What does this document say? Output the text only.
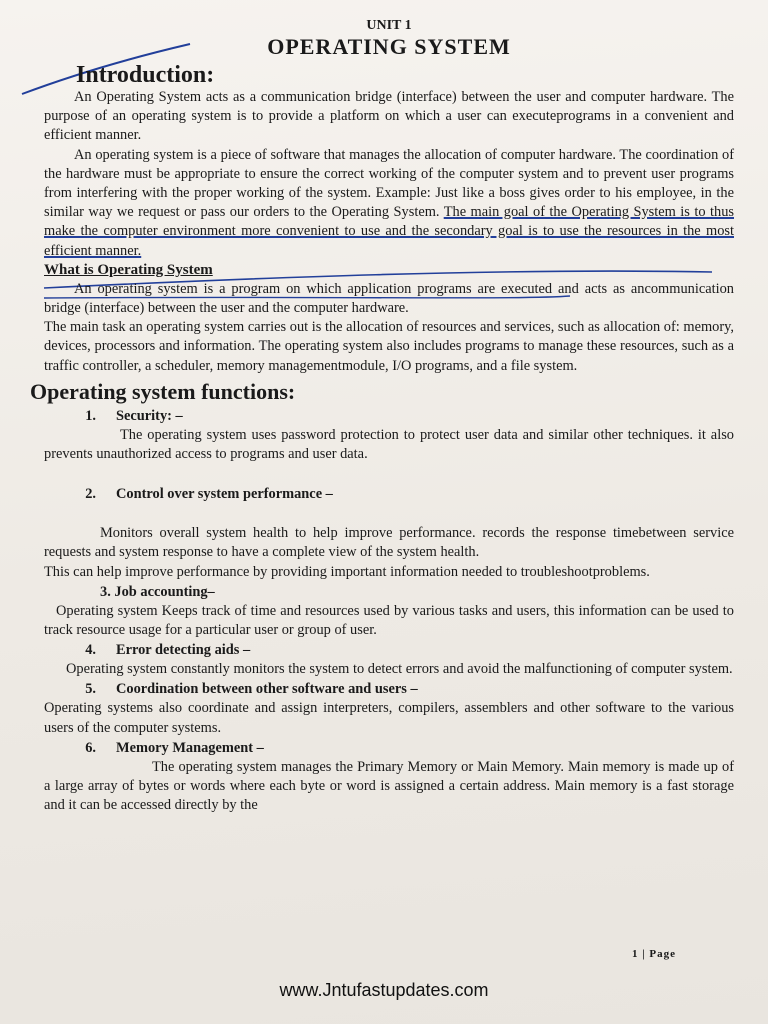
UNIT 1
OPERATING SYSTEM
Introduction:

An Operating System acts as a communication bridge (interface) between the user and computer hardware. The purpose of an operating system is to provide a platform on which a user can executeprograms in a convenient and efficient manner.

An operating system is a piece of software that manages the allocation of computer hardware. The coordination of the hardware must be appropriate to ensure the correct working of the computer system and to prevent user programs from interfering with the proper working of the system. Example: Just like a boss gives order to his employee, in the similar way we request or pass our orders to the Operating System. The main goal of the Operating System is to thus make the computer environment more convenient to use and the secondary goal is to use the resources in the most efficient manner.

What is Operating System

An operating system is a program on which application programs are executed and acts as ancommunication bridge (interface) between the user and the computer hardware.

The main task an operating system carries out is the allocation of resources and services, such as allocation of: memory, devices, processors and information. The operating system also includes programs to manage these resources, such as a traffic controller, a scheduler, memory managementmodule, I/O programs, and a file system.

Operating system functions:
1. Security: –

The operating system uses password protection to protect user data and similar other techniques. it also prevents unauthorized access to programs and user data.

2. Control over system performance –

Monitors overall system health to help improve performance. records the response timebetween service requests and system response to have a complete view of the system health.

This can help improve performance by providing important information needed to troubleshootproblems.

3. Job accounting–

Operating system Keeps track of time and resources used by various tasks and users, this information can be used to track resource usage for a particular user or group of user.

4. Error detecting aids –

Operating system constantly monitors the system to detect errors and avoid the malfunctioning of computer system.

5. Coordination between other software and users –

Operating systems also coordinate and assign interpreters, compilers, assemblers and other software to the various users of the computer systems.

6. Memory Management –

The operating system manages the Primary Memory or Main Memory. Main memory is made up of a large array of bytes or words where each byte or word is assigned a certain address. Main memory is a fast storage and it can be accessed directly by the

1 | Page
www.Jntufastupdates.com
